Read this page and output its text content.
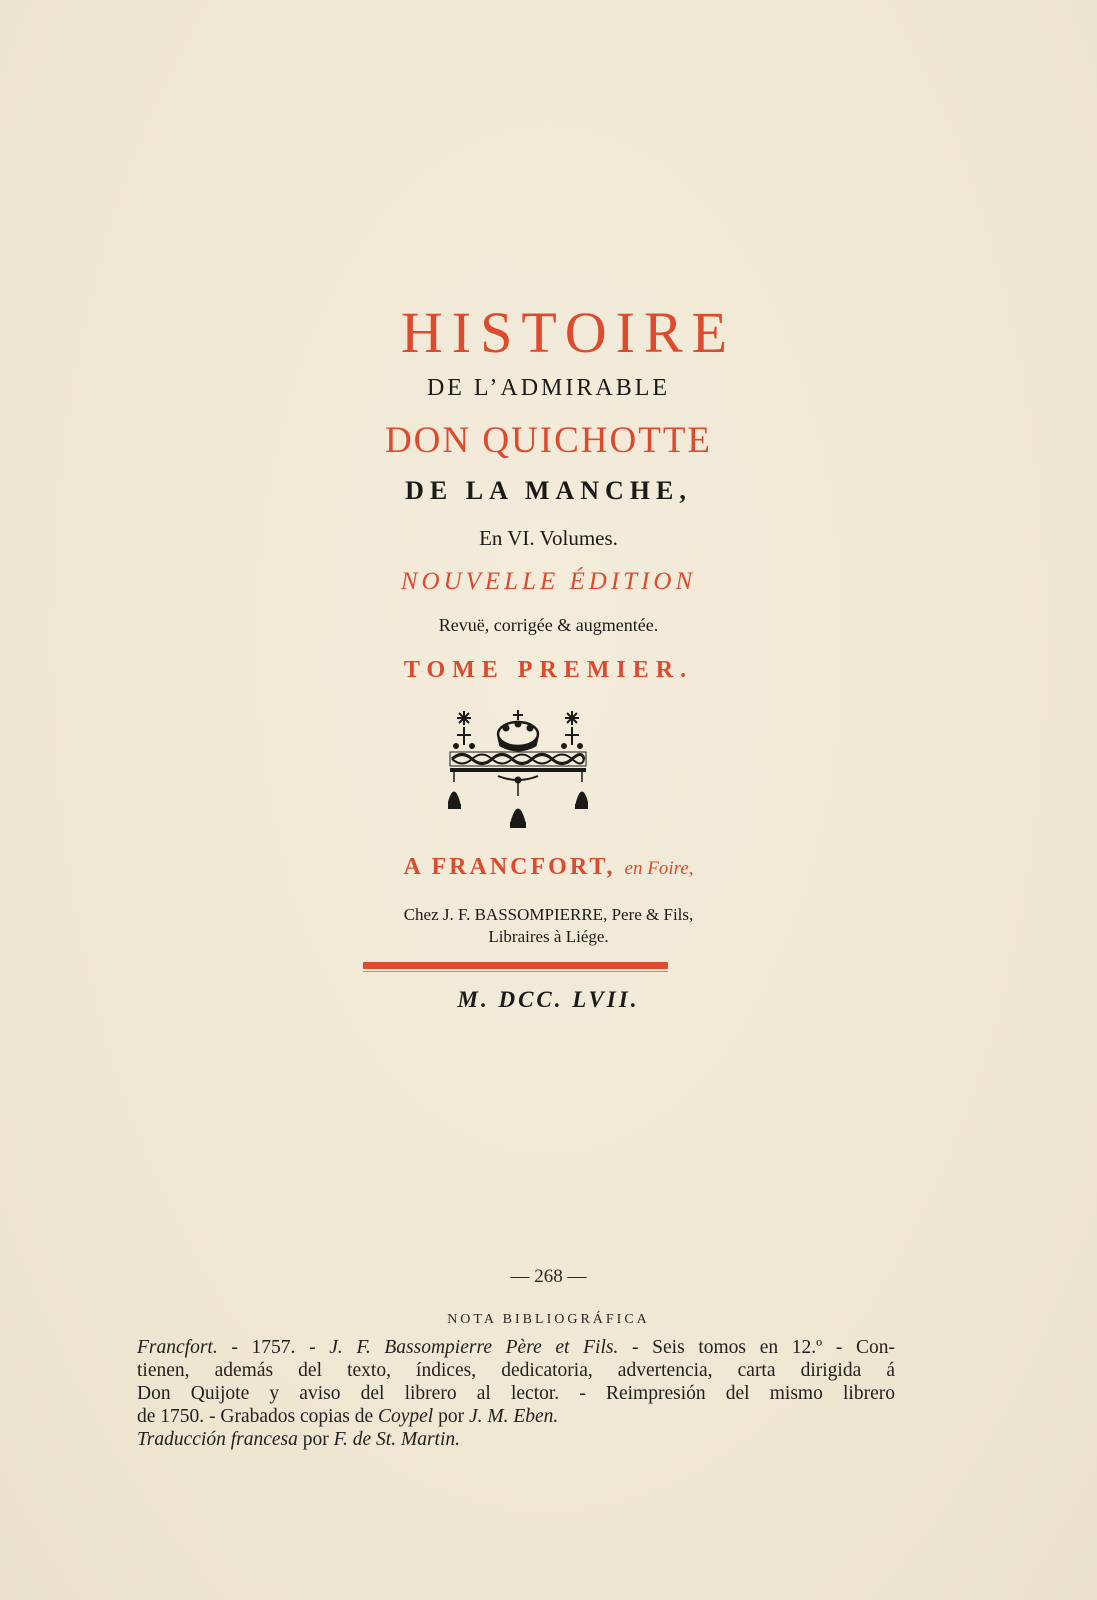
HISTOIRE
DE L’ADMIRABLE
DON QUICHOTTE
DE LA MANCHE,
En VI. Volumes.
NOUVELLE ÉDITION
Revuë, corrigée & augmentée.
TOME PREMIER.
A FRANCFORT, en Foire,
Chez J. F. BASSOMPIERRE, Pere & Fils,
Libraires à Liége.
M. DCC. LVII.
— 268 —
NOTA BIBLIOGRÁFICA
Francfort. - 1757. - J. F. Bassompierre Père et Fils. - Seis tomos en 12.º - Con-
tienen, además del texto, índices, dedicatoria, advertencia, carta dirigida á
Don Quijote y aviso del librero al lector. - Reimpresión del mismo librero
de 1750. - Grabados copias de Coypel por J. M. Eben.
Traducción francesa por F. de St. Martin.
